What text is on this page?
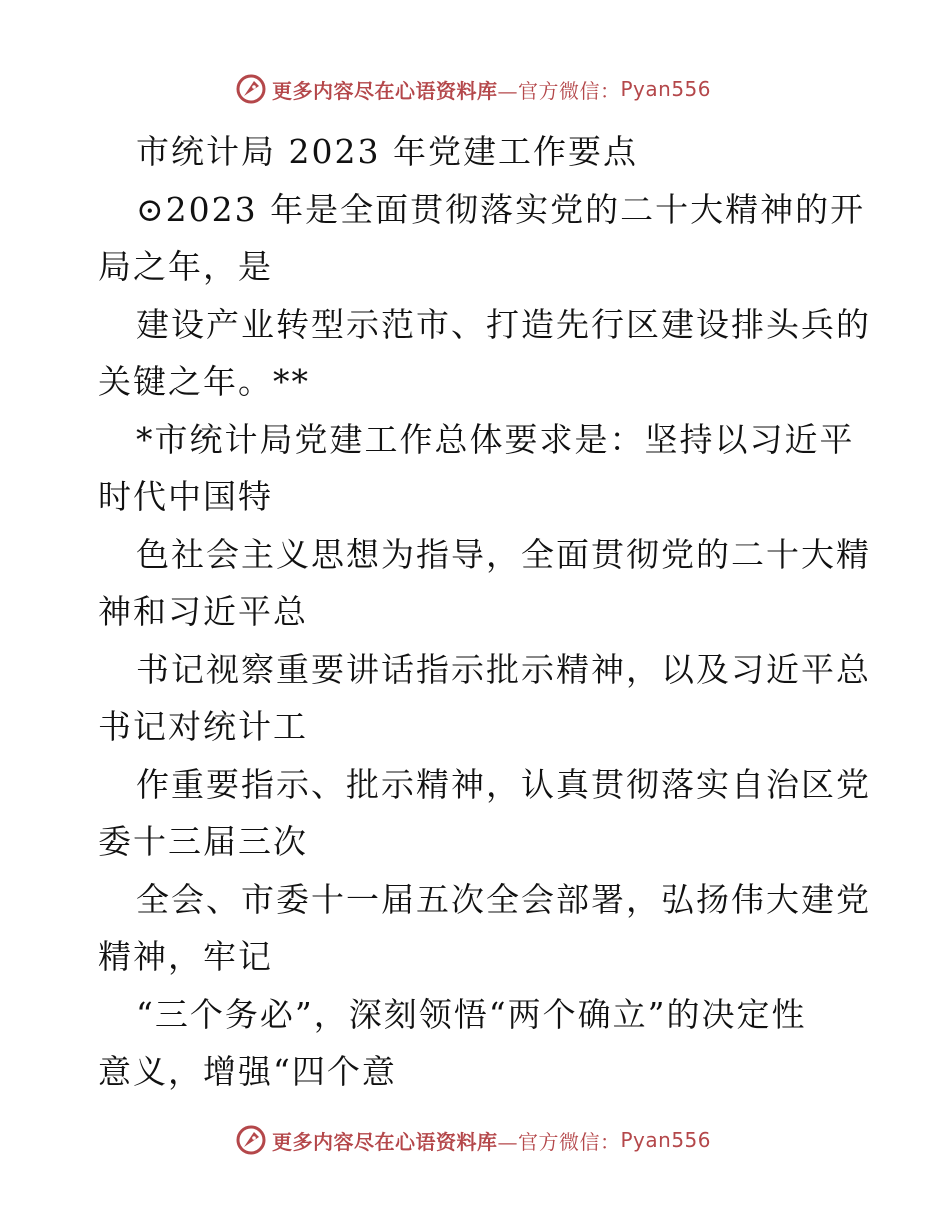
更多内容尽在心语资料库 —官方微信： Pyan556
市统计局 2023 年党建工作要点
⊙2023 年是全面贯彻落实党的二十大精神的开
局之年，是
建设产业转型示范市、打造先行区建设排头兵的
关键之年。**
*市统计局党建工作总体要求是：坚持以习近平
时代中国特
色社会主义思想为指导，全面贯彻党的二十大精
神和习近平总
书记视察重要讲话指示批示精神，以及习近平总
书记对统计工
作重要指示、批示精神，认真贯彻落实自治区党
委十三届三次
全会、市委十一届五次全会部署，弘扬伟大建党
精神，牢记
“三个务必”，深刻领悟“两个确立”的决定性
意义，增强“四个意
更多内容尽在心语资料库 —官方微信： Pyan556
